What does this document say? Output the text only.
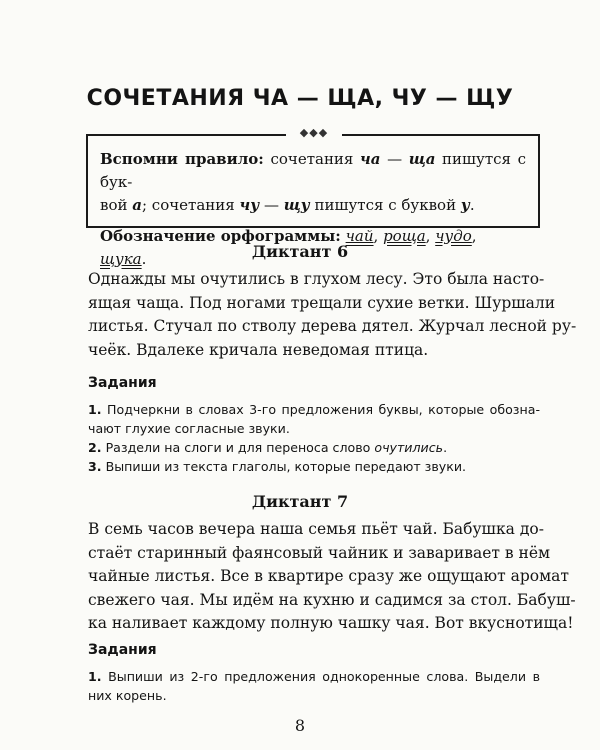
СОЧЕТАНИЯ ЧА — ЩА, ЧУ — ЩУ
Вспомни правило: сочетания ча — ща пишутся с бук-
вой а; сочетания чу — щу пишутся с буквой у.
Обозначение орфограммы: чай, роща, чудо, щука.
◆◆◆
Диктант 6
Однажды мы очутились в глухом лесу. Это была насто-
ящая чаща. Под ногами трещали сухие ветки. Шуршали
листья. Стучал по стволу дерева дятел. Журчал лесной ру-
чеёк. Вдалеке кричала неведомая птица.
Задания
1. Подчеркни в словах 3-го предложения буквы, которые обозна-
чают глухие согласные звуки.
2. Раздели на слоги и для переноса слово очутились.
3. Выпиши из текста глаголы, которые передают звуки.
Диктант 7
В семь часов вечера наша семья пьёт чай. Бабушка до-
стаёт старинный фаянсовый чайник и заваривает в нём
чайные листья. Все в квартире сразу же ощущают аромат
свежего чая. Мы идём на кухню и садимся за стол. Бабуш-
ка наливает каждому полную чашку чая. Вот вкуснотища!
Задания
1. Выпиши из 2-го предложения однокоренные слова. Выдели в
них корень.
8
